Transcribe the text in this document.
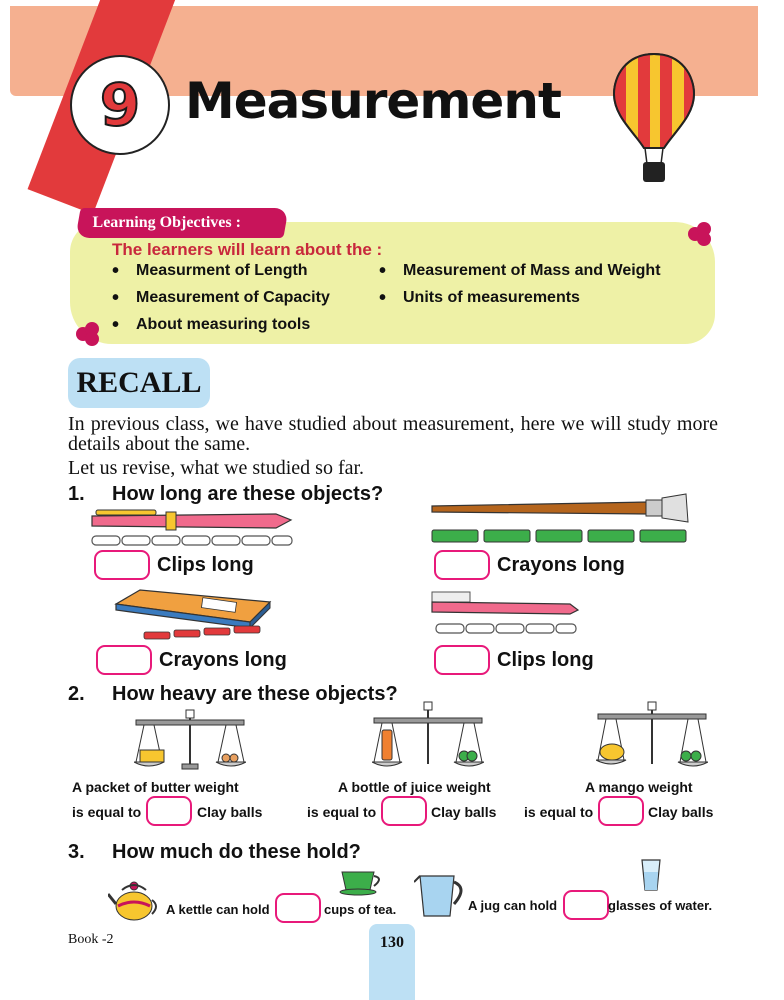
9 Measurement
Learning Objectives :
The learners will learn about the :
• Measurment of Length	• Measurement of Mass and Weight
• Measurement of Capacity	• Units of measurements
• About measuring tools
RECALL
In previous class, we have studied about measurement, here we will study more details about the same.
Let us revise, what we studied so far.
1. How long are these objects?
Clips long	Crayons long
Crayons long	Clips long
2. How heavy are these objects?
A packet of butter weight	A bottle of juice weight	A mango weight
is equal to	Clay balls	is equal to	Clay balls is equal to	Clay balls
3. How much do these hold?
A kettle can hold	cups of tea.	A jug can hold	glasses of water.
Book -2	130
